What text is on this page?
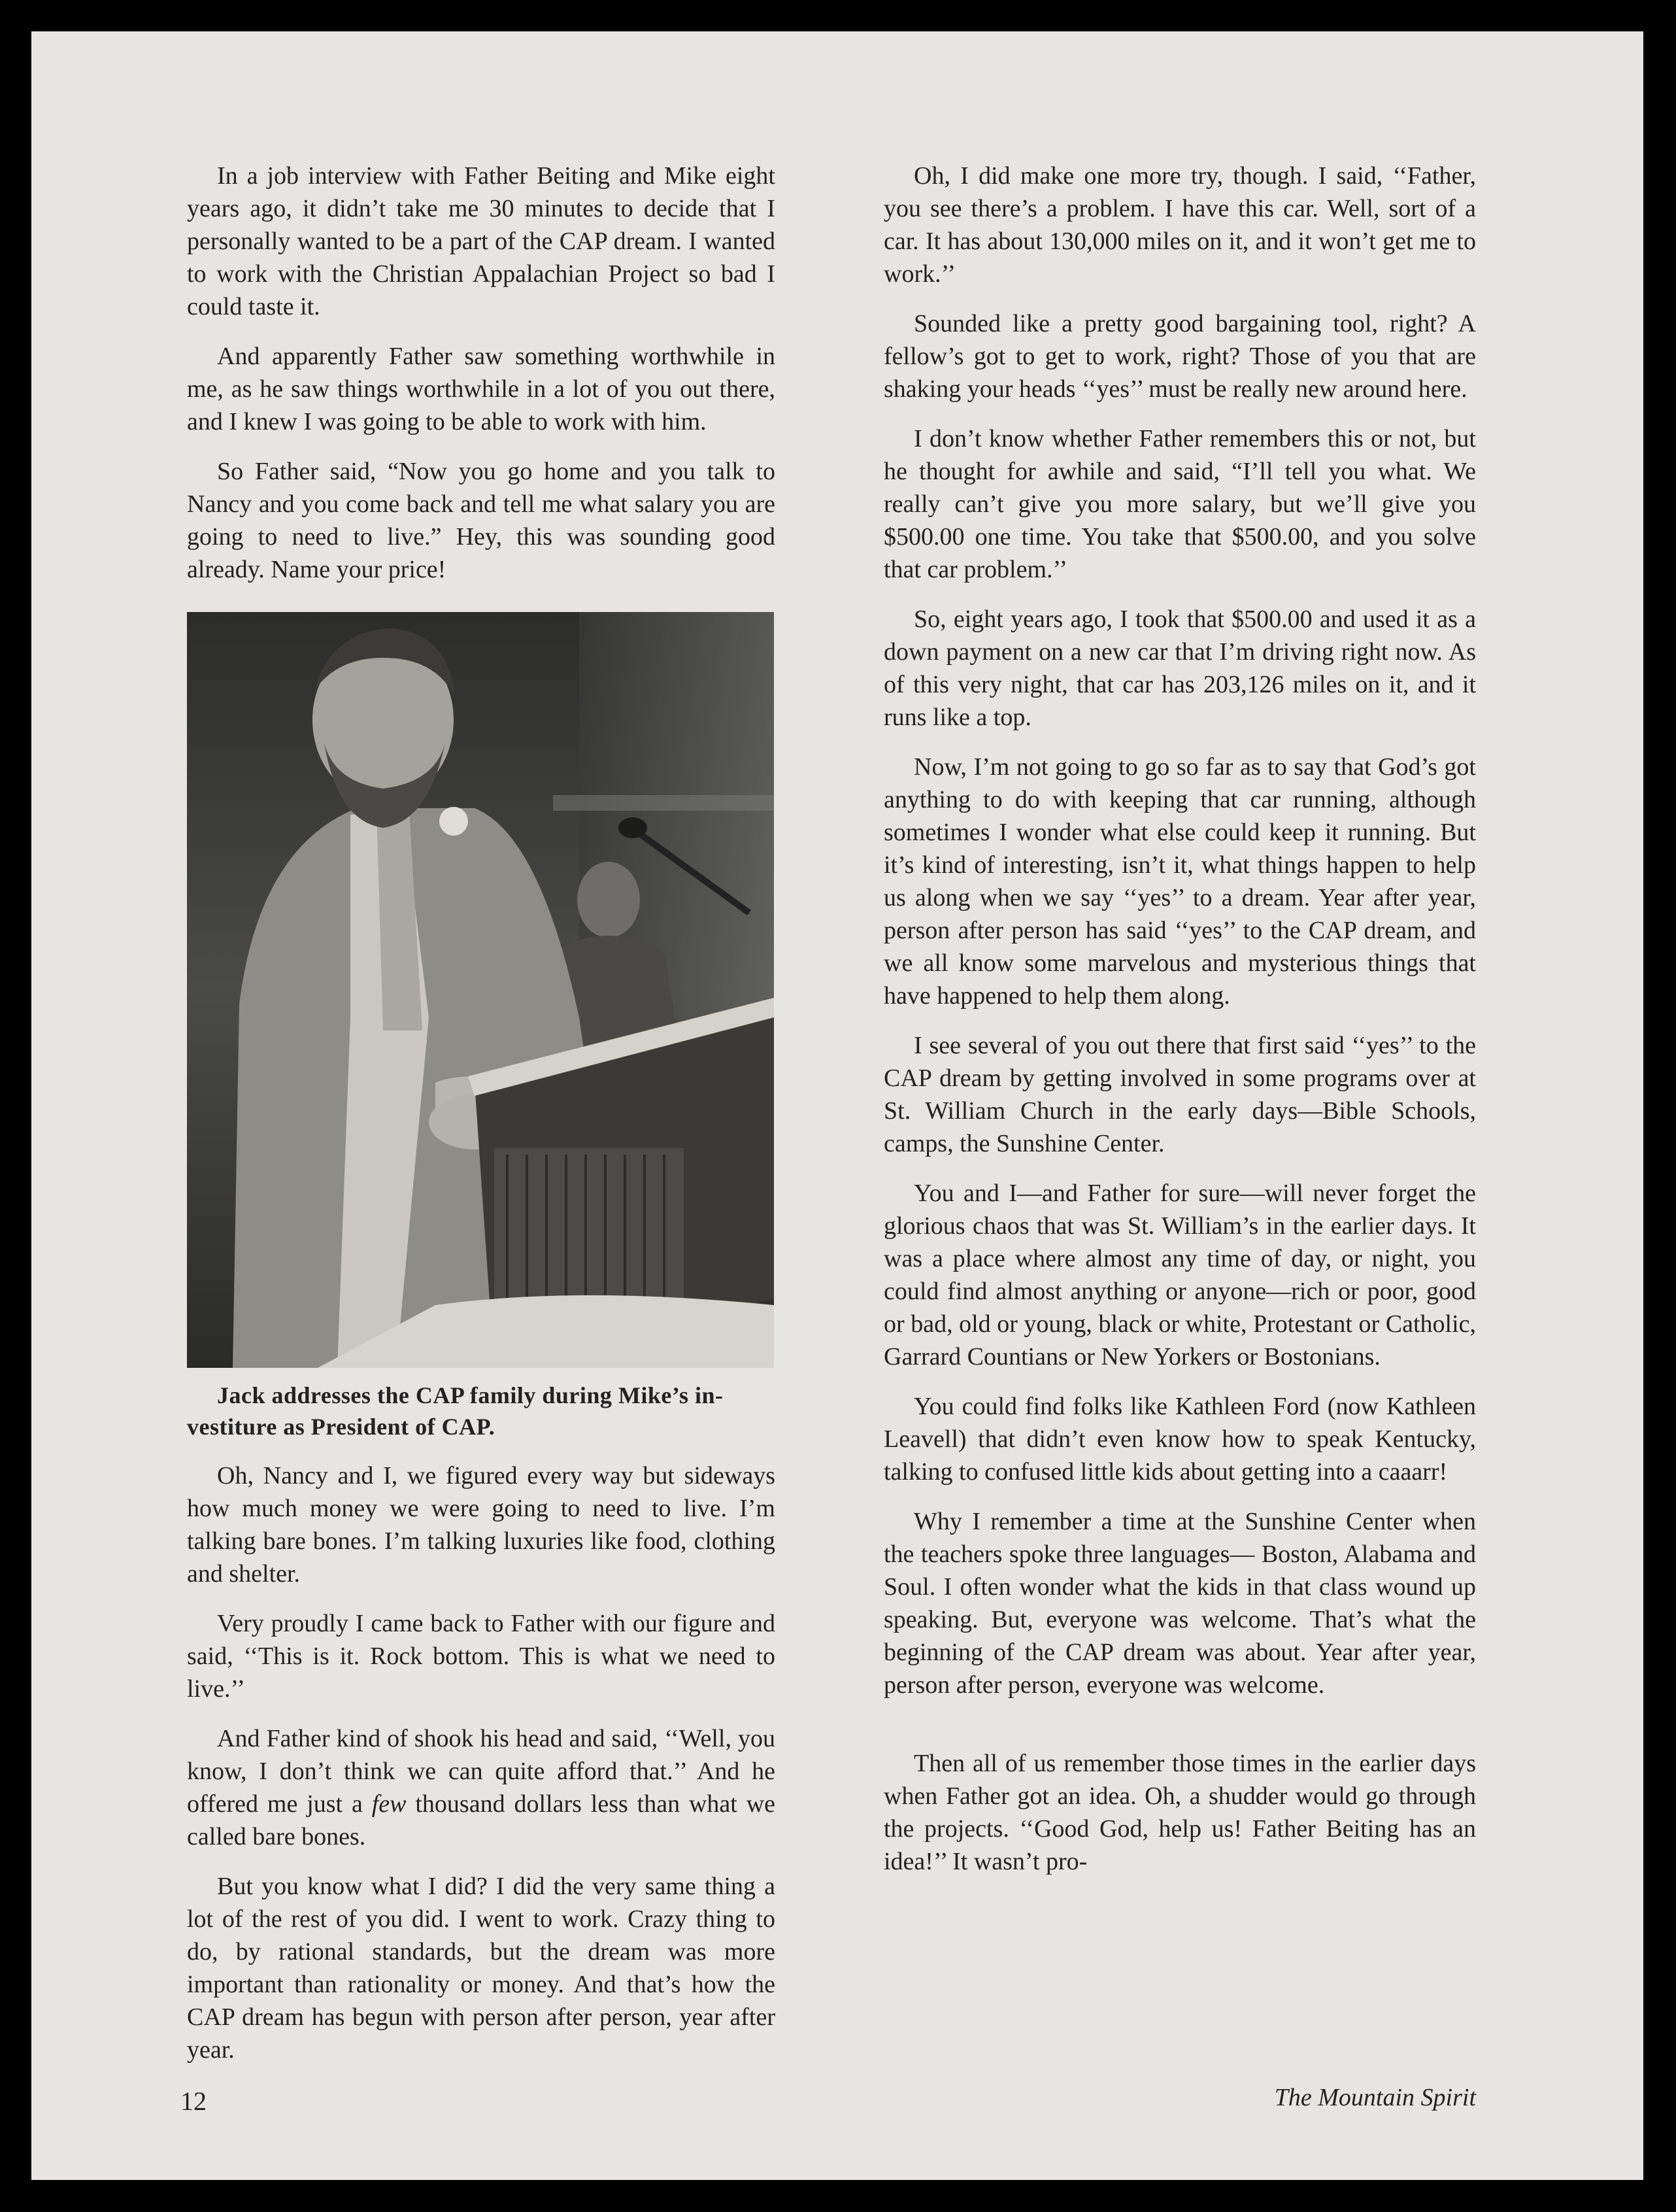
In a job interview with Father Beiting and Mike eight years ago, it didn’t take me 30 minutes to decide that I personally wanted to be a part of the CAP dream. I wanted to work with the Christian Appalachian Project so bad I could taste it.

And apparently Father saw something worthwhile in me, as he saw things worthwhile in a lot of you out there, and I knew I was going to be able to work with him.

So Father said, “Now you go home and you talk to Nancy and you come back and tell me what salary you are going to need to live.” Hey, this was sounding good already. Name your price!

Jack addresses the CAP family during Mike’s investiture as President of CAP.

Oh, Nancy and I, we figured every way but sideways how much money we were going to need to live. I’m talking bare bones. I’m talking luxuries like food, clothing and shelter.

Very proudly I came back to Father with our figure and said, ‘‘This is it. Rock bottom. This is what we need to live.’’

And Father kind of shook his head and said, ‘‘Well, you know, I don’t think we can quite afford that.’’ And he offered me just a few thousand dollars less than what we called bare bones.

But you know what I did? I did the very same thing a lot of the rest of you did. I went to work. Crazy thing to do, by rational standards, but the dream was more important than rationality or money. And that’s how the CAP dream has begun with person after person, year after year.

Oh, I did make one more try, though. I said, ‘‘Father, you see there’s a problem. I have this car. Well, sort of a car. It has about 130,000 miles on it, and it won’t get me to work.’’

Sounded like a pretty good bargaining tool, right? A fellow’s got to get to work, right? Those of you that are shaking your heads ‘‘yes’’ must be really new around here.

I don’t know whether Father remembers this or not, but he thought for awhile and said, “I’ll tell you what. We really can’t give you more salary, but we’ll give you $500.00 one time. You take that $500.00, and you solve that car problem.’’

So, eight years ago, I took that $500.00 and used it as a down payment on a new car that I’m driving right now. As of this very night, that car has 203,126 miles on it, and it runs like a top.

Now, I’m not going to go so far as to say that God’s got anything to do with keeping that car running, although sometimes I wonder what else could keep it running. But it’s kind of interesting, isn’t it, what things happen to help us along when we say ‘‘yes’’ to a dream. Year after year, person after person has said ‘‘yes’’ to the CAP dream, and we all know some marvelous and mysterious things that have happened to help them along.

I see several of you out there that first said ‘‘yes’’ to the CAP dream by getting involved in some programs over at St. William Church in the early days—Bible Schools, camps, the Sunshine Center.

You and I—and Father for sure—will never forget the glorious chaos that was St. William’s in the earlier days. It was a place where almost any time of day, or night, you could find almost anything or anyone—rich or poor, good or bad, old or young, black or white, Protestant or Catholic, Garrard Countians or New Yorkers or Bostonians.

You could find folks like Kathleen Ford (now Kathleen Leavell) that didn’t even know how to speak Kentucky, talking to confused little kids about getting into a caaarr!

Why I remember a time at the Sunshine Center when the teachers spoke three languages— Boston, Alabama and Soul. I often wonder what the kids in that class wound up speaking. But, everyone was welcome. That’s what the beginning of the CAP dream was about. Year after year, person after person, everyone was welcome.

Then all of us remember those times in the earlier days when Father got an idea. Oh, a shudder would go through the projects. ‘‘Good God, help us! Father Beiting has an idea!’’ It wasn’t pro-

12	The Mountain Spirit
